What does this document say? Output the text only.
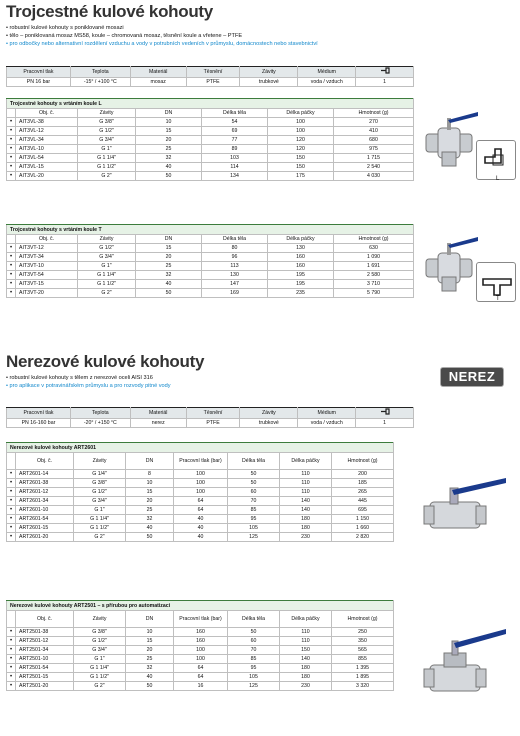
Trojcestné kulové kohouty
• robustní kulové kohouty s poniklované mosazi
• tělo – poniklovaná mosaz MS58, koule – chromovaná mosaz, těsnění koule a vřetene – PTFE
• pro odbočky nebo alternativní rozdělení vzduchu a vody v potrubních vedeních v průmyslu, domácnostech nebo stavebnictví
Pracovní tlak	Teplota	Materiál	Těsnění	Závity	Médium	
PN 16 bar	-15° / +100 °C	mosaz	PTFE	trubkové	voda / vzduch	1
Trojcestné kohouty s vrtáním koule L						
	Obj. č.	Závity	DN	Délka těla	Délka páčky	Hmotnost (g)
•	AIT3VL-38	G 3/8"	10	54	100	270
•	AIT3VL-12	G 1/2"	15	69	100	410
•	AIT3VL-34	G 3/4"	20	77	120	680
•	AIT3VL-10	G 1"	25	89	120	975
•	AIT3VL-54	G 1 1/4"	32	103	150	1 715
•	AIT3VL-15	G 1 1/2"	40	114	150	2 540
•	AIT3VL-20	G 2"	50	134	175	4 030
Trojcestné kohouty s vrtáním koule T						
	Obj. č.	Závity	DN	Délka těla	Délka páčky	Hmotnost (g)
•	AIT3VT-12	G 1/2"	15	80	130	630
•	AIT3VT-34	G 3/4"	20	96	160	1 090
•	AIT3VT-10	G 1"	25	113	160	1 691
•	AIT3VT-54	G 1 1/4"	32	130	195	2 580
•	AIT3VT-15	G 1 1/2"	40	147	195	3 710
•	AIT3VT-20	G 2"	50	169	235	5 790
L
T
Nerezové kulové kohouty
NEREZ
• robustní kulové kohouty s tělem z nerezové oceli AISI 316
• pro aplikace v potravinářském průmyslu a pro rozvody pitné vody
Pracovní tlak	Teplota	Materiál	Těsnění	Závity	Médium	
PN 16-160 bar	-20° / +150 °C	nerez	PTFE	trubkové	voda / vzduch	1
Nerezové kulové kohouty ART2601							
	Obj. č.	Závity	DN	Pracovní tlak (bar)	Délka těla	Délka páčky	Hmotnost (g)
•	ART2601-14	G 1/4"	8	100	50	110	200
•	ART2601-38	G 3/8"	10	100	50	110	185
•	ART2601-12	G 1/2"	15	100	60	110	265
•	ART2601-34	G 3/4"	20	64	70	140	445
•	ART2601-10	G 1"	25	64	85	140	695
•	ART2601-54	G 1 1/4"	32	40	95	180	1 150
•	ART2601-15	G 1 1/2"	40	40	105	180	1 660
•	ART2601-20	G 2"	50	40	125	230	2 820
Nerezové kulové kohouty ART2501 – s přírubou pro automatizaci							
	Obj. č.	Závity	DN	Pracovní tlak (bar)	Délka těla	Délka páčky	Hmotnost (g)
•	ART2501-38	G 3/8"	10	160	50	110	250
•	ART2501-12	G 1/2"	15	160	60	110	350
•	ART2501-34	G 3/4"	20	100	70	150	565
•	ART2501-10	G 1"	25	100	85	140	855
•	ART2501-54	G 1 1/4"	32	64	95	180	1 395
•	ART2501-15	G 1 1/2"	40	64	105	180	1 895
•	ART2501-20	G 2"	50	16	125	230	3 320
